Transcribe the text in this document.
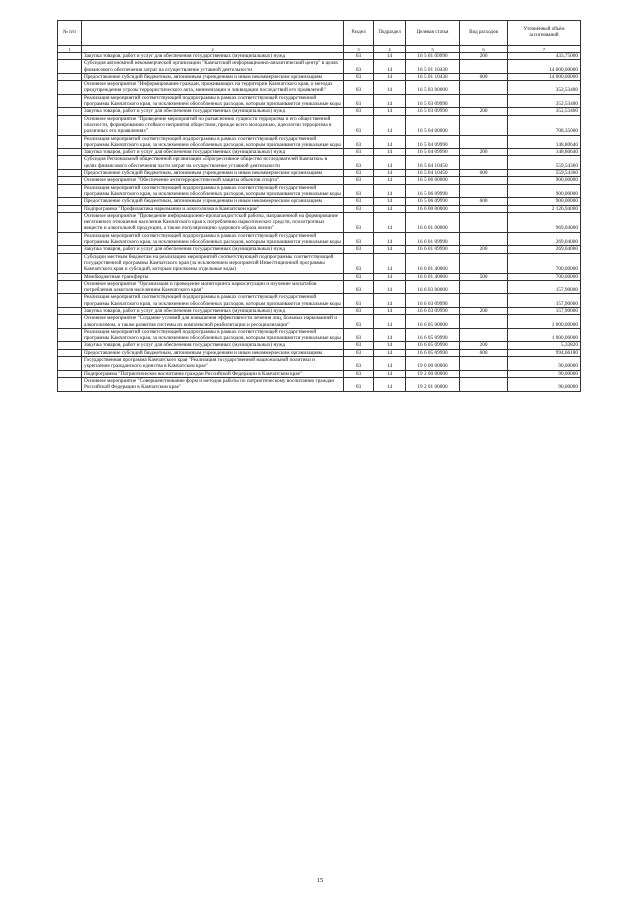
№ п/п		Раздел	Подраздел	Целевая статья	Вид расходов	Уточнённый объём ассигнований
1	2	3	4	5	6	7
	Закупка товаров, работ и услуг для обеспечения государственных (муниципальных) нужд	03	14	16 5 01 09990	200	433,75000
	Субсидия автономной некоммерческой организации "Камчатский информационно-аналитический центр" в целях финансового обеспечения затрат на осуществление уставной деятельности	03	14	16 5 01 10430		14 000,00000
	Предоставление субсидий бюджетным, автономным учреждениям и иным некоммерческим организациям	03	14	16 5 01 10430	600	14 000,00000
	Основное мероприятие "Информирование граждан, проживающих на территории Камчатского края, о методах предупреждения угрозы террористического акта, минимизации и ликвидации последствий его проявлений"	03	14	16 5 03 00000		352,53400
	Реализация мероприятий соответствующей подпрограммы в рамках соответствующей государственной программы Камчатского края, за исключением обособленных расходов, которым присваиваются уникальные коды	03	14	16 5 03 09990		352,53400
	Закупка товаров, работ и услуг для обеспечения государственных (муниципальных) нужд	03	14	16 5 03 09990	200	352,53400
	Основное мероприятие "Проведение мероприятий по разъяснению сущности терроризма и его общественной опасности, формированию стойкого неприятия обществом, прежде всего молодежью, идеологии терроризма в различных его проявлениях"	03	14	16 5 04 00000		708,35000
	Реализация мероприятий соответствующей подпрограммы в рамках соответствующей государственной программы Камчатского края, за исключением обособленных расходов, которым присваиваются уникальные коды	03	14	16 5 04 09990		148,80640
	Закупка товаров, работ и услуг для обеспечения государственных (муниципальных) нужд	03	14	16 5 04 09990	200	148,80640
	Субсидия Региональной общественной организации «Прогрессивное общество исследователей Камчатки» в целях финансового обеспечения части затрат на осуществление уставной деятельности	03	14	16 5 04 10450		559,54360
	Предоставление субсидий бюджетным, автономным учреждениям и иным некоммерческим организациям	03	14	16 5 04 10450	600	559,54360
	Основное мероприятие "Обеспечение антитеррористической защиты объектов спорта"	03	14	16 5 06 00000		900,00000
	Реализация мероприятий соответствующей подпрограммы в рамках соответствующей государственной программы Камчатского края, за исключением обособленных расходов, которым присваиваются уникальные коды	03	14	16 5 06 09990		900,00000
	Предоставление субсидий бюджетным, автономным учреждениям и иным некоммерческим организациям	03	14	16 5 06 09990	600	900,00000
	Подпрограмма "Профилактика наркомании и алкоголизма в Камчатском крае"	03	14	16 6 00 00000		2 126,94000
	Основное мероприятие "Проведение информационно-пропагандистской работы, направленной на формирование негативного отношения населения Камчатского края к потреблению наркотических средств, психотропных веществ и алкогольной продукции, а также популяризацию здорового образа жизни"	03	14	16 6 01 00000		969,04000
	Реализация мероприятий соответствующей подпрограммы в рамках соответствующей государственной программы Камчатского края, за исключением обособленных расходов, которым присваиваются уникальные коды	03	14	16 6 01 09990		269,04000
	Закупка товаров, работ и услуг для обеспечения государственных (муниципальных) нужд	03	14	16 6 01 09990	200	269,04000
	Субсидии местным бюджетам на реализацию мероприятий соответствующей подпрограммы соответствующей государственной программы Камчатского края (за исключением мероприятий Инвестиционной программы Камчатского края и субсидий, которым присвоены отдельные коды)	03	14	16 6 01 40060		700,00000
	Межбюджетные трансферты	03	14	16 6 01 40060	500	700,00000
	Основное мероприятие "Организация и проведение мониторинга наркоситуации и изучение масштабов потребления алкоголя населением Камчатского края"	03	14	16 6 03 00000		157,90000
	Реализация мероприятий соответствующей подпрограммы в рамках соответствующей государственной программы Камчатского края, за исключением обособленных расходов, которым присваиваются уникальные коды	03	14	16 6 03 09990		157,90000
	Закупка товаров, работ и услуг для обеспечения государственных (муниципальных) нужд	03	14	16 6 03 09990	200	157,90000
	Основное мероприятие "Создание условий для повышения эффективности лечения лиц, больных наркоманией и алкоголизмом, а также развития системы их комплексной реабилитации и ресоциализации"	03	14	16 6 05 00000		1 000,00000
	Реализация мероприятий соответствующей подпрограммы в рамках соответствующей государственной программы Камчатского края, за исключением обособленных расходов, которым присваиваются уникальные коды	03	14	16 6 05 09990		1 000,00000
	Закупка товаров, работ и услуг для обеспечения государственных (муниципальных) нужд	03	14	16 6 05 09990	200	5,33820
	Предоставление субсидий бюджетным, автономным учреждениям и иным некоммерческим организациям	03	14	16 6 05 09990	600	994,66180
	Государственная программа Камчатского края "Реализация государственной национальной политики и укрепление гражданского единства в Камчатском крае"	03	14	19 0 00 00000		90,00000
	Подпрограмма "Патриотическое воспитание граждан Российской Федерации в Камчатском крае"	03	14	19 2 00 00000		90,00000
	Основное мероприятие "Совершенствование форм и методов работы по патриотическому воспитанию граждан Российской Федерации в Камчатском крае"	03	14	19 2 01 00000		90,00000
15
